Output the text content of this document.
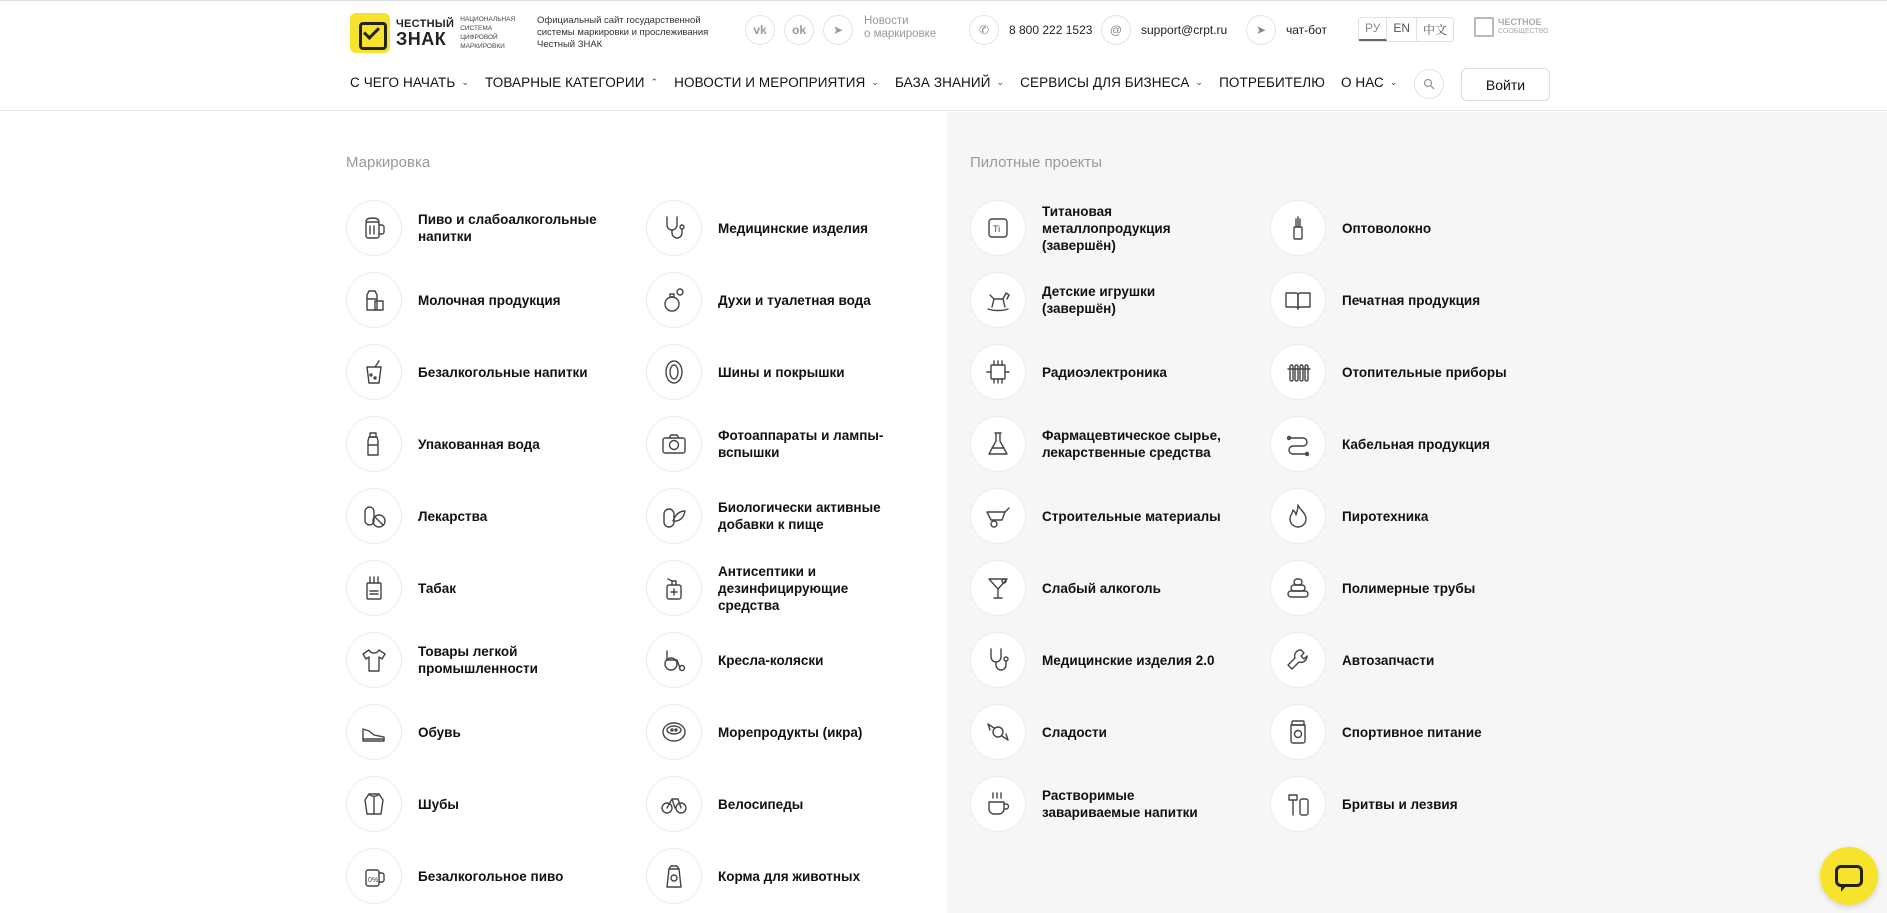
ЧЕСТНЫЙ
ЗНАК
НАЦИОНАЛЬНАЯ СИСТЕМА ЦИФРОВОЙ МАРКИРОВКИ
Официальный сайт государственной системы маркировки и прослеживания Честный ЗНАК
vk ok ➤
Новости
о маркировке	✆	8 800 222 1523	@	support@crpt.ru	➤	чат-бот	РУ	EN	中文
ЧЕСТНОЕ
СООБЩЕСТВО
С ЧЕГО НАЧАТЬ ⌄ ТОВАРНЫЕ КАТЕГОРИИ ⌃ НОВОСТИ И МЕРОПРИЯТИЯ ⌄ БАЗА ЗНАНИЙ ⌄ СЕРВИСЫ ДЛЯ БИЗНЕСА ⌄ ПОТРЕБИТЕЛЮ О НАС ⌄	Войти
Маркировка	Пилотные проекты
Пиво и слабоалкогольные напитки
Молочная продукция
Безалкогольные напитки
Упакованная вода
Лекарства
Табак
Товары легкой промышленности
Обувь
Шубы
0%	Безалкогольное пиво
Медицинские изделия
Духи и туалетная вода
Шины и покрышки
Фотоаппараты и лампы-вспышки
Биологически активные добавки к пище
Антисептики и дезинфицирующие средства
Кресла-коляски
Морепродукты (икра)
Велосипеды
Корма для животных
Ti
Титановая металлопродукция (завершён)
Детские игрушки (завершён)
Радиоэлектроника
Фармацевтическое сырье, лекарственные средства
Строительные материалы
Слабый алкоголь
Медицинские изделия 2.0
Сладости
Растворимые завариваемые напитки
Оптоволокно
Печатная продукция
Отопительные приборы
Кабельная продукция
Пиротехника
Полимерные трубы
Автозапчасти
Спортивное питание
Бритвы и лезвия
